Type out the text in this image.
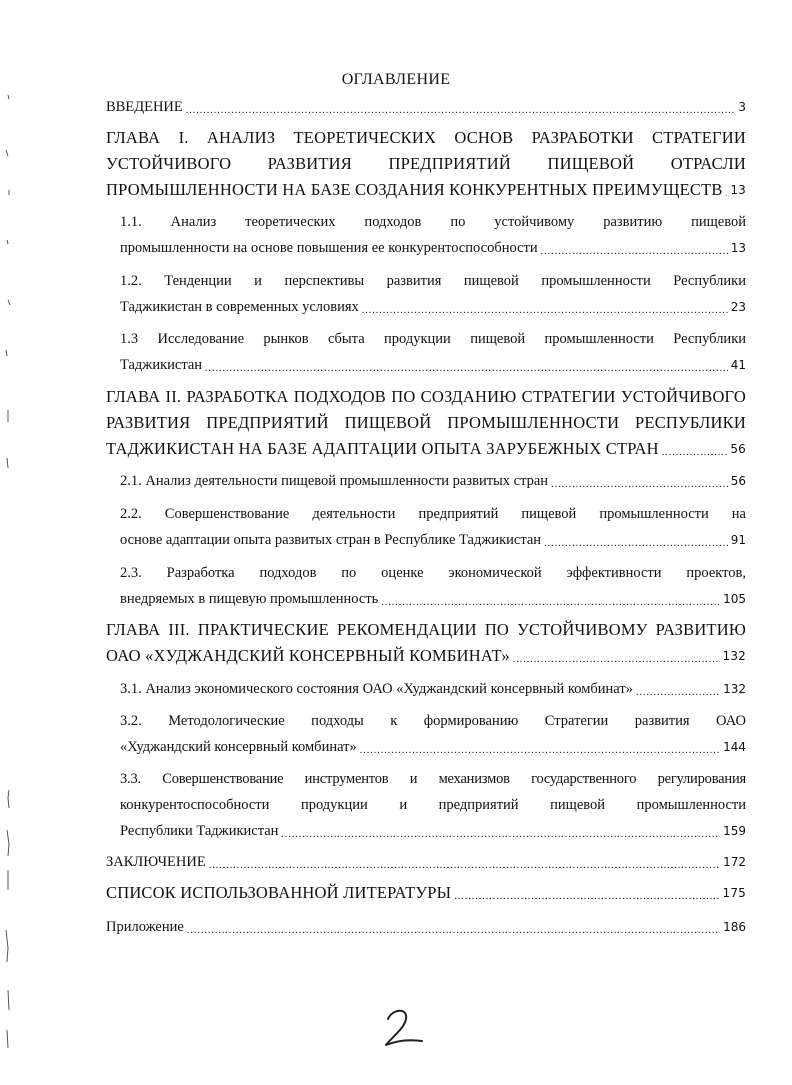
ОГЛАВЛЕНИЕ
ВВЕДЕНИЕ .....	3
ГЛАВА I. АНАЛИЗ ТЕОРЕТИЧЕСКИХ ОСНОВ РАЗРАБОТКИ СТРАТЕГИИ
УСТОЙЧИВОГО РАЗВИТИЯ ПРЕДПРИЯТИЙ ПИЩЕВОЙ ОТРАСЛИ
ПРОМЫШЛЕННОСТИ НА БАЗЕ СОЗДАНИЯ КОНКУРЕНТНЫХ ПРЕИМУЩЕСТВ ..... 13
1.1. Анализ теоретических подходов по устойчивому развитию пищевой
промышленности на основе повышения ее конкурентоспособности .....	13
1.2. Тенденции и перспективы развития пищевой промышленности Республики
Таджикистан в современных условиях .....	23
1.3 Исследование рынков сбыта продукции пищевой промышленности Республики
Таджикистан .....	41
ГЛАВА II. РАЗРАБОТКА ПОДХОДОВ ПО СОЗДАНИЮ СТРАТЕГИИ УСТОЙЧИВОГО
РАЗВИТИЯ ПРЕДПРИЯТИЙ ПИЩЕВОЙ ПРОМЫШЛЕННОСТИ РЕСПУБЛИКИ
ТАДЖИКИСТАН НА БАЗЕ АДАПТАЦИИ ОПЫТА ЗАРУБЕЖНЫХ СТРАН .....	56
2.1. Анализ деятельности пищевой промышленности развитых стран .....	56
2.2. Совершенствование деятельности предприятий пищевой промышленности на
основе адаптации опыта развитых стран в Республике Таджикистан .....	91
2.3. Разработка подходов по оценке экономической эффективности проектов,
внедряемых в пищевую промышленность .....	105
ГЛАВА III. ПРАКТИЧЕСКИЕ РЕКОМЕНДАЦИИ ПО УСТОЙЧИВОМУ РАЗВИТИЮ
ОАО «ХУДЖАНДСКИЙ КОНСЕРВНЫЙ КОМБИНАТ» .....	132
3.1. Анализ экономического состояния ОАО «Худжандский консервный комбинат» .....	132
3.2. Методологические подходы к формированию Стратегии развития ОАО
«Худжандский консервный комбинат» .....	144
3.3. Совершенствование инструментов и механизмов государственного регулирования
конкурентоспособности продукции и предприятий пищевой промышленности
Республики Таджикистан .....	159
ЗАКЛЮЧЕНИЕ .....	172
СПИСОК ИСПОЛЬЗОВАННОЙ ЛИТЕРАТУРЫ .....	175
Приложение .....	186
